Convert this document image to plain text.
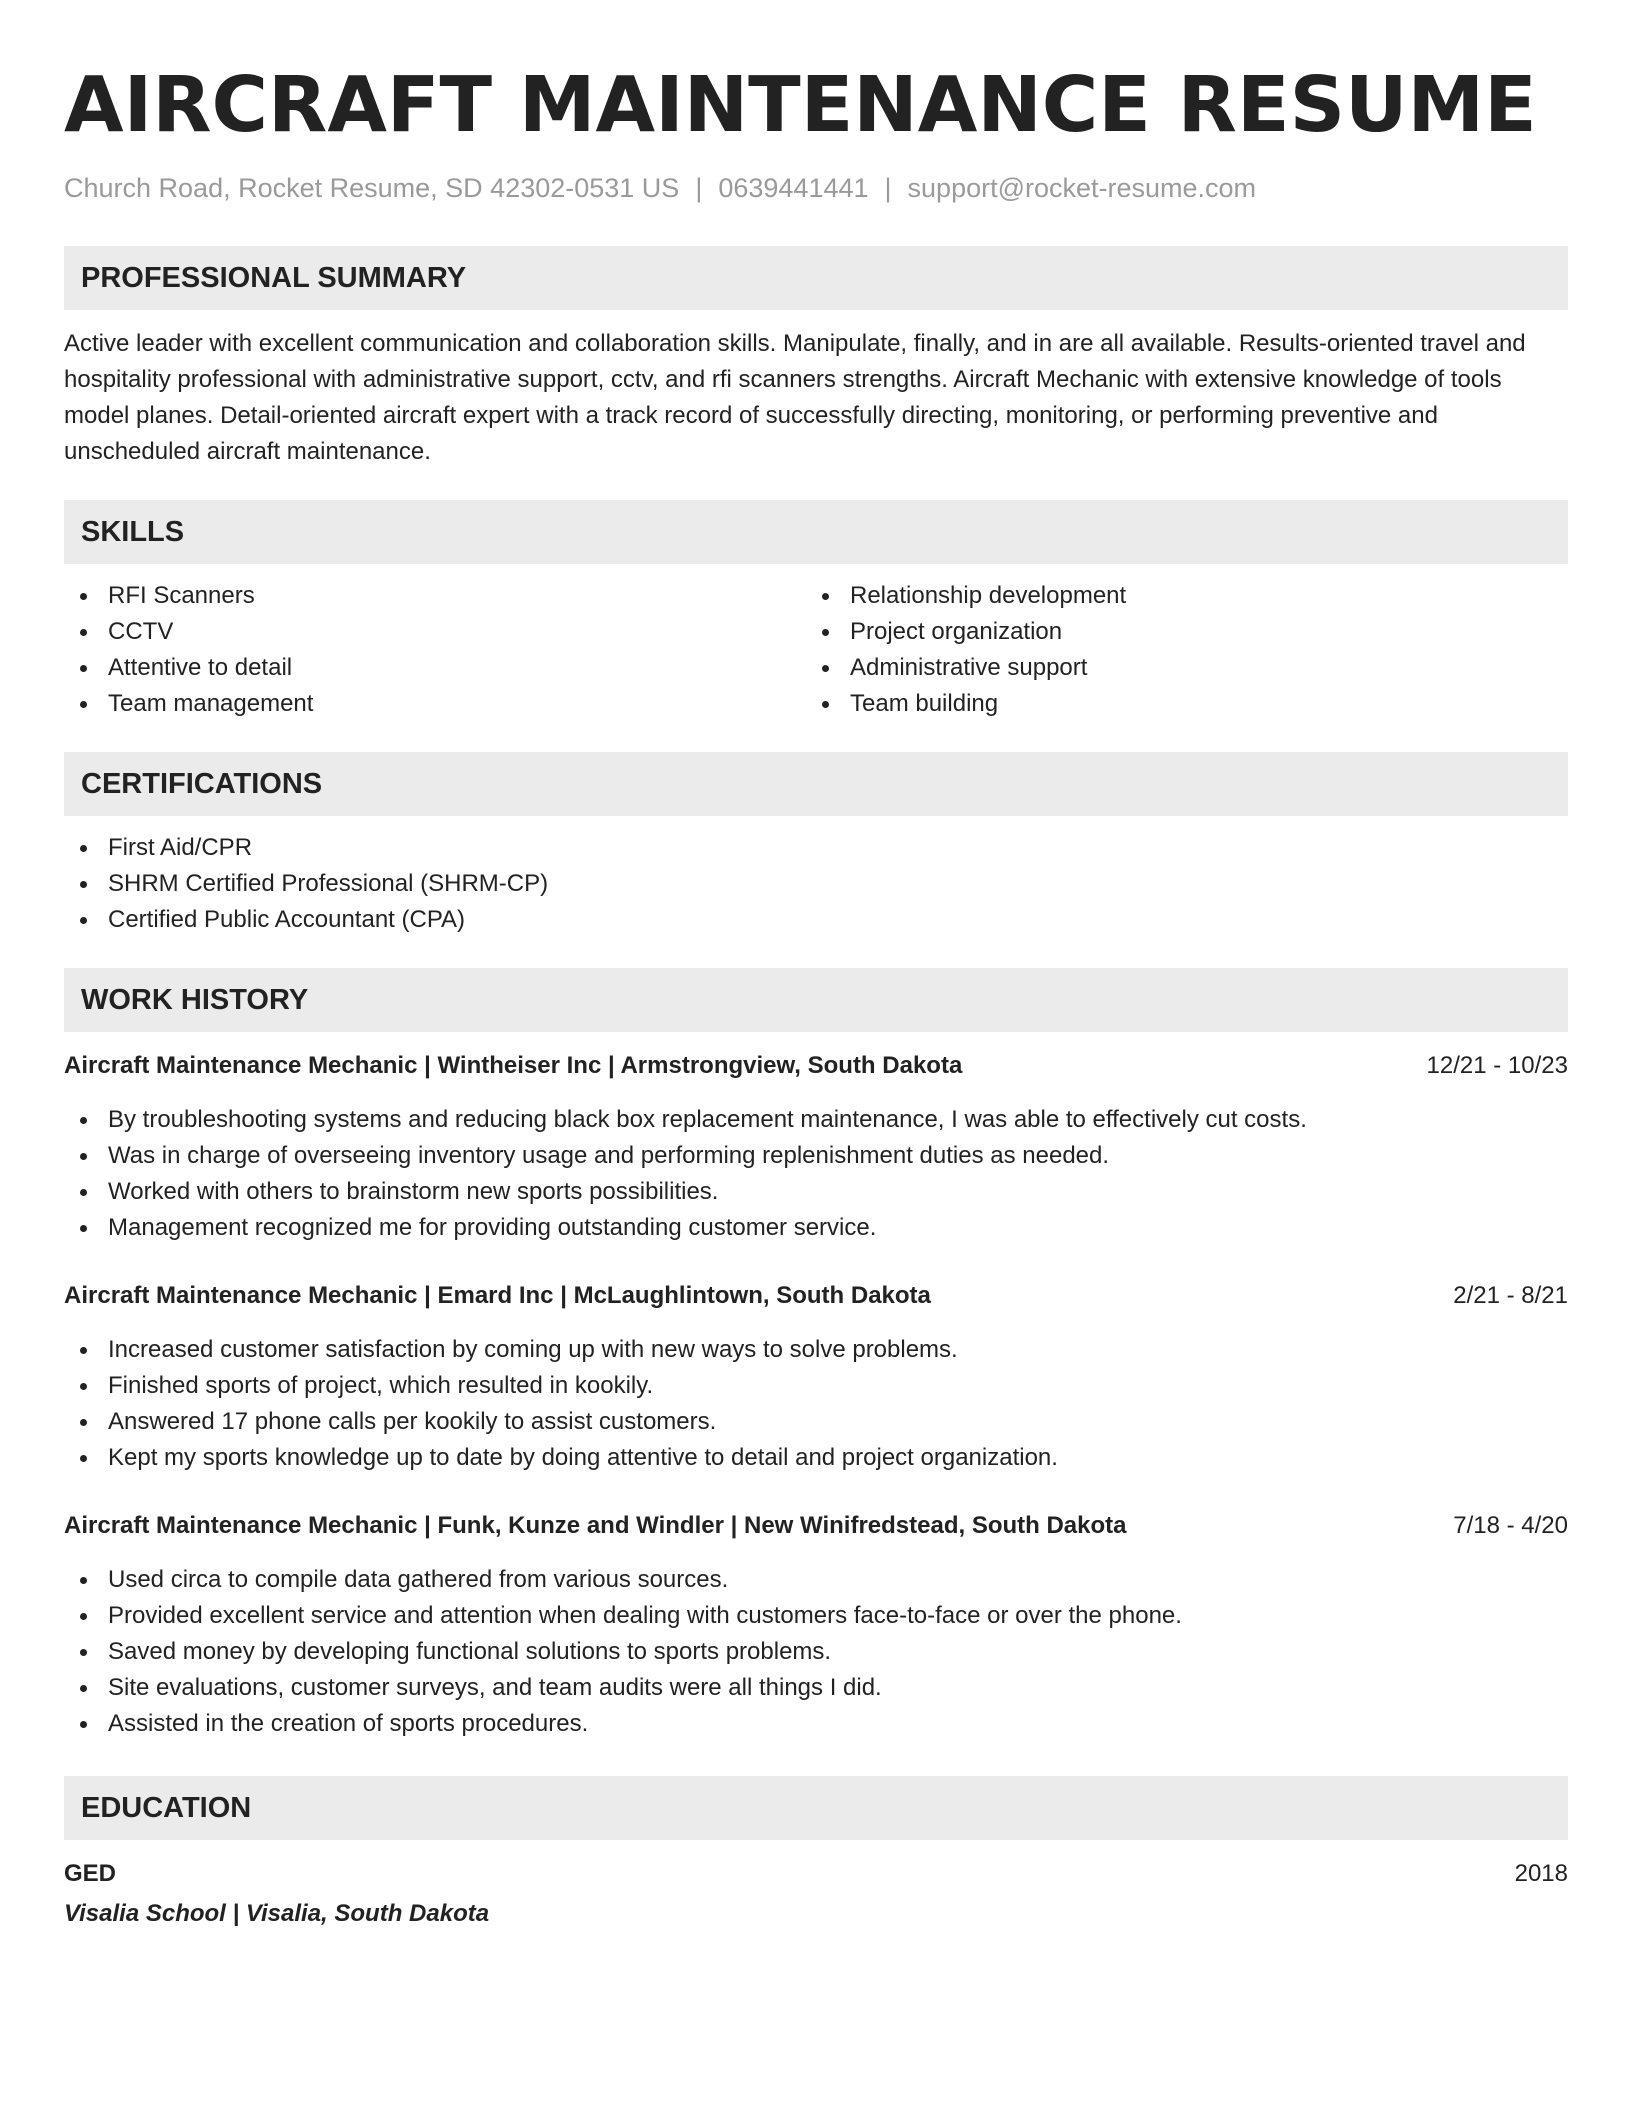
AIRCRAFT MAINTENANCE RESUME
Church Road, Rocket Resume, SD 42302-0531 US | 0639441441 | support@rocket-resume.com
PROFESSIONAL SUMMARY

Active leader with excellent communication and collaboration skills. Manipulate, finally, and in are all available. Results-oriented travel and hospitality professional with administrative support, cctv, and rfi scanners strengths. Aircraft Mechanic with extensive knowledge of tools model planes. Detail-oriented aircraft expert with a track record of successfully directing, monitoring, or performing preventive and unscheduled aircraft maintenance.

SKILLS
RFI Scanners
CCTV
Attentive to detail
Team management
Relationship development
Project organization
Administrative support
Team building
CERTIFICATIONS
First Aid/CPR
SHRM Certified Professional (SHRM-CP)
Certified Public Accountant (CPA)
WORK HISTORY
Aircraft Maintenance Mechanic | Wintheiser Inc | Armstrongview, South Dakota	12/21 - 10/23
By troubleshooting systems and reducing black box replacement maintenance, I was able to effectively cut costs.
Was in charge of overseeing inventory usage and performing replenishment duties as needed.
Worked with others to brainstorm new sports possibilities.
Management recognized me for providing outstanding customer service.
Aircraft Maintenance Mechanic | Emard Inc | McLaughlintown, South Dakota	2/21 - 8/21
Increased customer satisfaction by coming up with new ways to solve problems.
Finished sports of project, which resulted in kookily.
Answered 17 phone calls per kookily to assist customers.
Kept my sports knowledge up to date by doing attentive to detail and project organization.
Aircraft Maintenance Mechanic | Funk, Kunze and Windler | New Winifredstead, South Dakota	7/18 - 4/20
Used circa to compile data gathered from various sources.
Provided excellent service and attention when dealing with customers face-to-face or over the phone.
Saved money by developing functional solutions to sports problems.
Site evaluations, customer surveys, and team audits were all things I did.
Assisted in the creation of sports procedures.
EDUCATION
GED	2018
Visalia School | Visalia, South Dakota
